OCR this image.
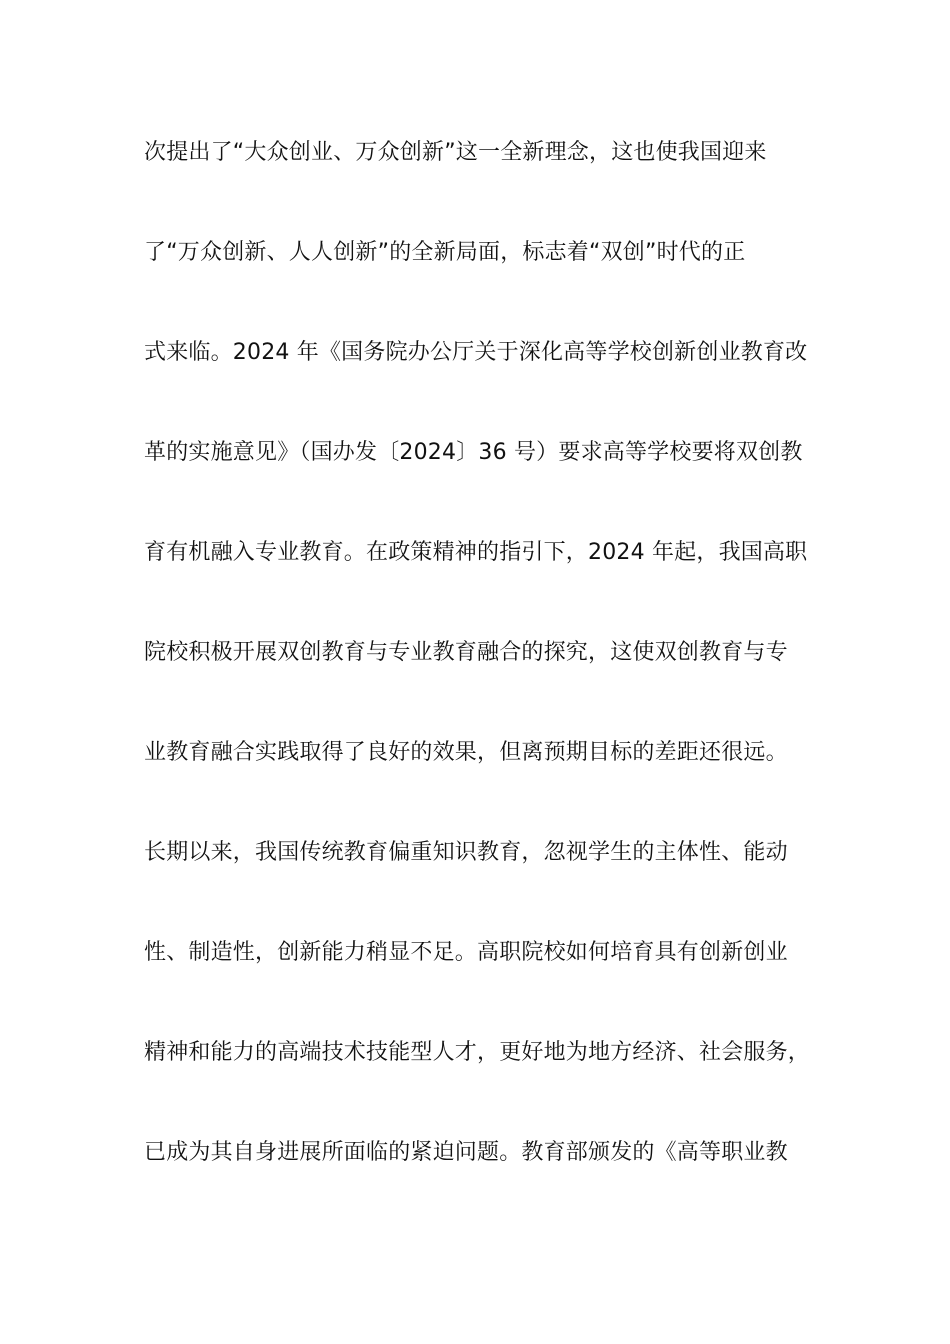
次提出了“大众创业、万众创新”这一全新理念，这也使我国迎来
了“万众创新、人人创新”的全新局面，标志着“双创”时代的正
式来临。2024 年《国务院办公厅关于深化高等学校创新创业教育改
革的实施意见》（国办发〔2024〕36 号）要求高等学校要将双创教
育有机融入专业教育。在政策精神的指引下，2024 年起，我国高职
院校积极开展双创教育与专业教育融合的探究，这使双创教育与专
业教育融合实践取得了良好的效果，但离预期目标的差距还很远。
长期以来，我国传统教育偏重知识教育，忽视学生的主体性、能动
性、制造性，创新能力稍显不足。高职院校如何培育具有创新创业
精神和能力的高端技术技能型人才，更好地为地方经济、社会服务，
已成为其自身进展所面临的紧迫问题。教育部颁发的《高等职业教
